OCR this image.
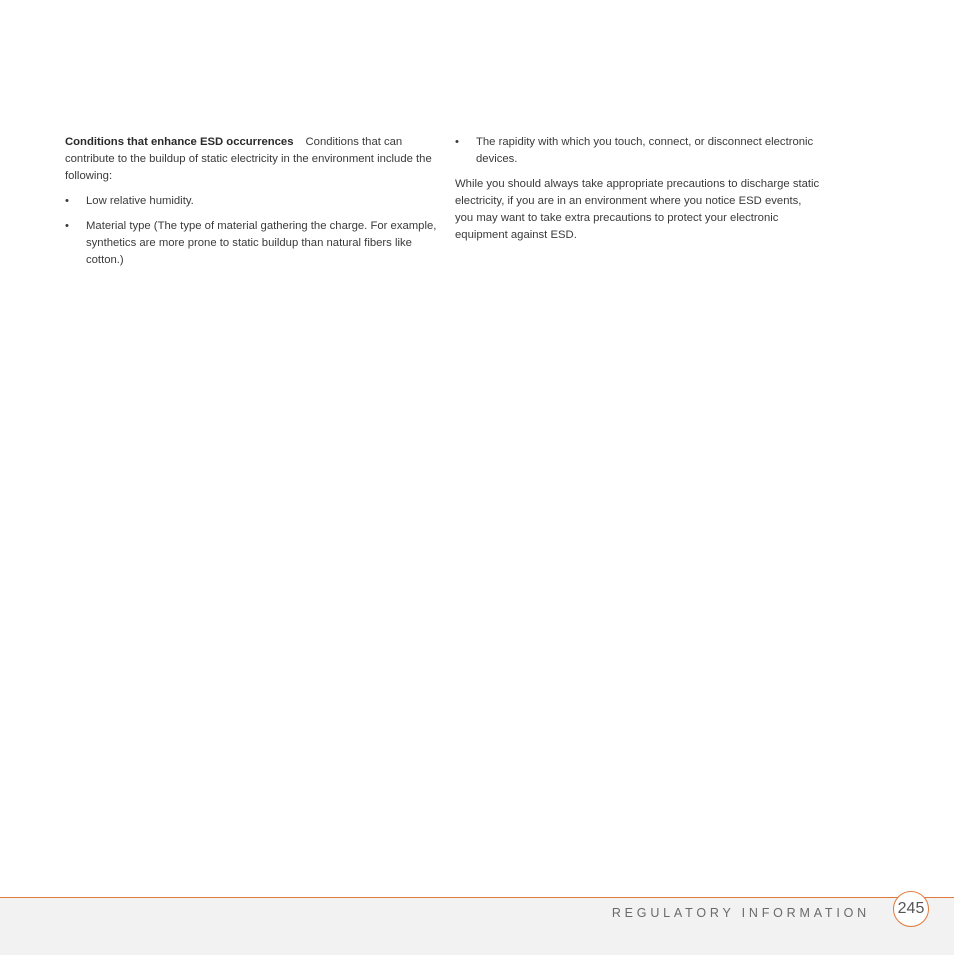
Conditions that enhance ESD occurrences Conditions that can contribute to the buildup of static electricity in the environment include the following:

• Low relative humidity.
• Material type (The type of material gathering the charge. For example, synthetics are more prone to static buildup than natural fibers like cotton.)
• The rapidity with which you touch, connect, or disconnect electronic devices.

While you should always take appropriate precautions to discharge static electricity, if you are in an environment where you notice ESD events, you may want to take extra precautions to protect your electronic equipment against ESD.

REGULATORY INFORMATION 245
